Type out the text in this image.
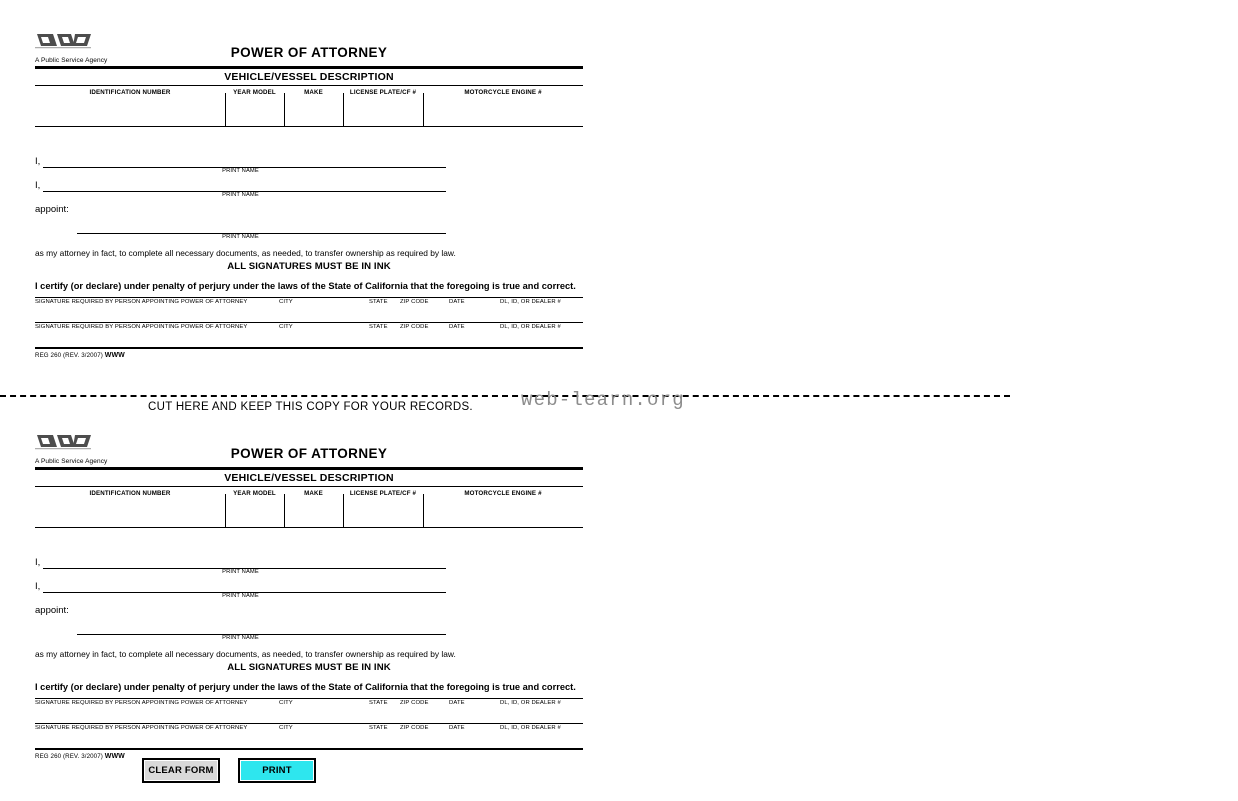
A Public Service Agency
POWER OF ATTORNEY
VEHICLE/VESSEL DESCRIPTION
IDENTIFICATION NUMBER	YEAR MODEL	MAKE	LICENSE PLATE/CF #	MOTORCYCLE ENGINE #
I,
PRINT NAME
I,
PRINT NAME
appoint:
PRINT NAME
as my attorney in fact, to complete all necessary documents, as needed, to transfer ownership as required by law.
ALL SIGNATURES MUST BE IN INK
I certify (or declare) under penalty of perjury under the laws of the State of California that the foregoing is true and correct.
SIGNATURE REQUIRED BY PERSON APPOINTING POWER OF ATTORNEY	CITY	STATE ZIP CODE	DATE	DL, ID, OR DEALER #
SIGNATURE REQUIRED BY PERSON APPOINTING POWER OF ATTORNEY	CITY	STATE ZIP CODE	DATE	DL, ID, OR DEALER #
REG 260 (REV. 3/2007) WWW
CUT HERE AND KEEP THIS COPY FOR YOUR RECORDS.	web-learn.org
A Public Service Agency
POWER OF ATTORNEY
VEHICLE/VESSEL DESCRIPTION
IDENTIFICATION NUMBER	YEAR MODEL	MAKE	LICENSE PLATE/CF #	MOTORCYCLE ENGINE #
I,
PRINT NAME
I,
PRINT NAME
appoint:
PRINT NAME
as my attorney in fact, to complete all necessary documents, as needed, to transfer ownership as required by law.
ALL SIGNATURES MUST BE IN INK
I certify (or declare) under penalty of perjury under the laws of the State of California that the foregoing is true and correct.
SIGNATURE REQUIRED BY PERSON APPOINTING POWER OF ATTORNEY	CITY	STATE ZIP CODE	DATE	DL, ID, OR DEALER #
SIGNATURE REQUIRED BY PERSON APPOINTING POWER OF ATTORNEY	CITY	STATE ZIP CODE	DATE	DL, ID, OR DEALER #
REG 260 (REV. 3/2007) WWW
CLEAR FORM	PRINT
